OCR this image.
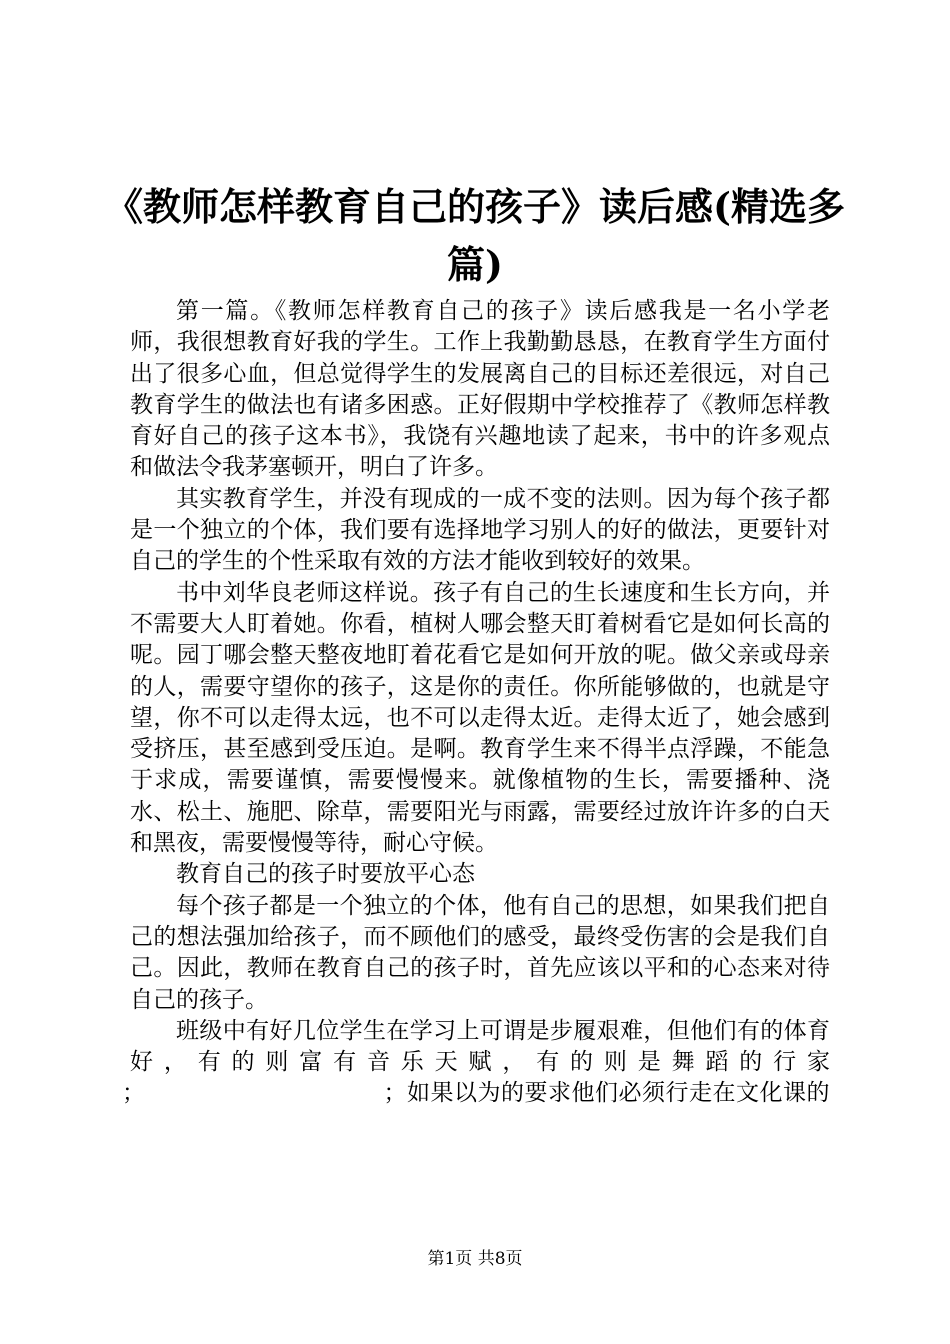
《教师怎样教育自己的孩子》读后感(精选多篇)

第一篇。《教师怎样教育自己的孩子》读后感我是一名小学老师，我很想教育好我的学生。工作上我勤勤恳恳，在教育学生方面付出了很多心血，但总觉得学生的发展离自己的目标还差很远，对自己教育学生的做法也有诸多困惑。正好假期中学校推荐了《教师怎样教育好自己的孩子这本书》，我饶有兴趣地读了起来，书中的许多观点和做法令我茅塞顿开，明白了许多。

其实教育学生，并没有现成的一成不变的法则。因为每个孩子都是一个独立的个体，我们要有选择地学习别人的好的做法，更要针对自己的学生的个性采取有效的方法才能收到较好的效果。

书中刘华良老师这样说。孩子有自己的生长速度和生长方向，并不需要大人盯着她。你看，植树人哪会整天盯着树看它是如何长高的呢。园丁哪会整天整夜地盯着花看它是如何开放的呢。做父亲或母亲的人，需要守望你的孩子，这是你的责任。你所能够做的，也就是守望，你不可以走得太远，也不可以走得太近。走得太近了，她会感到受挤压，甚至感到受压迫。是啊。教育学生来不得半点浮躁，不能急于求成，需要谨慎，需要慢慢来。就像植物的生长，需要播种、浇水、松土、施肥、除草，需要阳光与雨露，需要经过放许许多的白天和黑夜，需要慢慢等待，耐心守候。

教育自己的孩子时要放平心态

每个孩子都是一个独立的个体，他有自己的思想，如果我们把自己的想法强加给孩子，而不顾他们的感受，最终受伤害的会是我们自己。因此，教师在教育自己的孩子时，首先应该以平和的心态来对待自己的孩子。

班级中有好几位学生在学习上可谓是步履艰难，但他们有的体育好，有的则富有音乐天赋，有的则是舞蹈的行家

；	；如果以为的要求他们必须行走在文化课的
第1页 共8页
